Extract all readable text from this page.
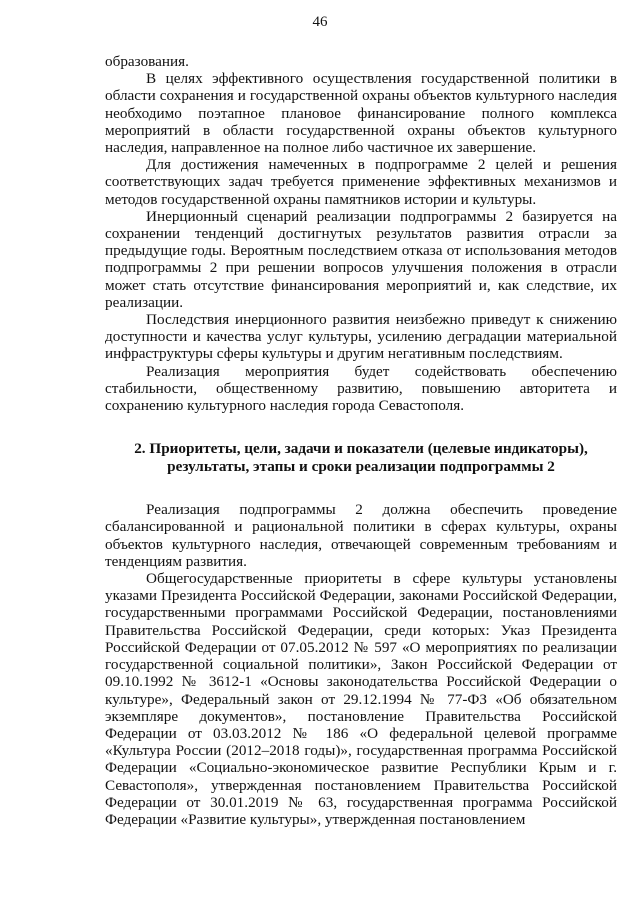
46

образования.

В целях эффективного осуществления государственной политики в области сохранения и государственной охраны объектов культурного наследия необходимо поэтапное плановое финансирование полного комплекса мероприятий в области государственной охраны объектов культурного наследия, направленное на полное либо частичное их завершение.

Для достижения намеченных в подпрограмме 2 целей и решения соответствующих задач требуется применение эффективных механизмов и методов государственной охраны памятников истории и культуры.

Инерционный сценарий реализации подпрограммы 2 базируется на сохранении тенденций достигнутых результатов развития отрасли за предыдущие годы. Вероятным последствием отказа от использования методов подпрограммы 2 при решении вопросов улучшения положения в отрасли может стать отсутствие финансирования мероприятий и, как следствие, их реализации.

Последствия инерционного развития неизбежно приведут к снижению доступности и качества услуг культуры, усилению деградации материальной инфраструктуры сферы культуры и другим негативным последствиям.

Реализация мероприятия будет содействовать обеспечению стабильности, общественному развитию, повышению авторитета и сохранению культурного наследия города Севастополя.

2. Приоритеты, цели, задачи и показатели (целевые индикаторы),

результаты, этапы и сроки реализации подпрограммы 2

Реализация подпрограммы 2 должна обеспечить проведение сбалансированной и рациональной политики в сферах культуры, охраны объектов культурного наследия, отвечающей современным требованиям и тенденциям развития.

Общегосударственные приоритеты в сфере культуры установлены указами Президента Российской Федерации, законами Российской Федерации, государственными программами Российской Федерации, постановлениями Правительства Российской Федерации, среди которых: Указ Президента Российской Федерации от 07.05.2012 № 597 «О мероприятиях по реализации государственной социальной политики», Закон Российской Федерации от 09.10.1992 № 3612-1 «Основы законодательства Российской Федерации о культуре», Федеральный закон от 29.12.1994 № 77-ФЗ «Об обязательном экземпляре документов», постановление Правительства Российской Федерации от 03.03.2012 № 186 «О федеральной целевой программе «Культура России (2012–2018 годы)», государственная программа Российской Федерации «Социально-экономическое развитие Республики Крым и г. Севастополя», утвержденная постановлением Правительства Российской Федерации от 30.01.2019 № 63, государственная программа Российской Федерации «Развитие культуры», утвержденная постановлением
